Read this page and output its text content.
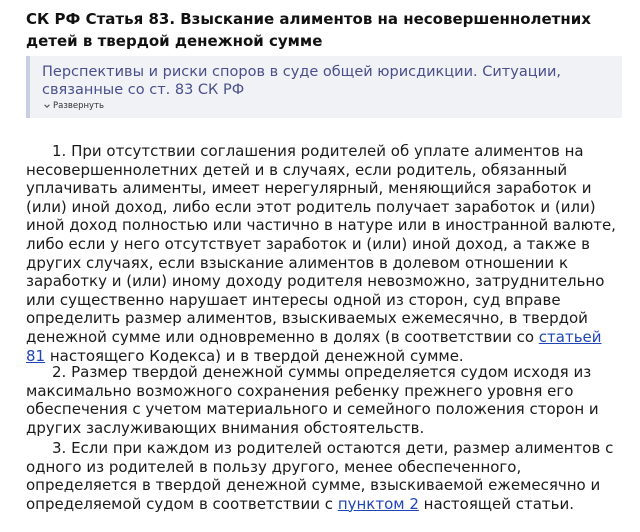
СК РФ Статья 83. Взыскание алиментов на несовершеннолетних детей в твердой денежной сумме
Перспективы и риски споров в суде общей юрисдикции. Ситуации, связанные со ст. 83 СК РФ
Развернуть

1. При отсутствии соглашения родителей об уплате алиментов на несовершеннолетних детей и в случаях, если родитель, обязанный уплачивать алименты, имеет нерегулярный, меняющийся заработок и (или) иной доход, либо если этот родитель получает заработок и (или) иной доход полностью или частично в натуре или в иностранной валюте, либо если у него отсутствует заработок и (или) иной доход, а также в других случаях, если взыскание алиментов в долевом отношении к заработку и (или) иному доходу родителя невозможно, затруднительно или существенно нарушает интересы одной из сторон, суд вправе определить размер алиментов, взыскиваемых ежемесячно, в твердой денежной сумме или одновременно в долях (в соответствии со статьей 81 настоящего Кодекса) и в твердой денежной сумме.

2. Размер твердой денежной суммы определяется судом исходя из максимально возможного сохранения ребенку прежнего уровня его обеспечения с учетом материального и семейного положения сторон и других заслуживающих внимания обстоятельств.

3. Если при каждом из родителей остаются дети, размер алиментов с одного из родителей в пользу другого, менее обеспеченного, определяется в твердой денежной сумме, взыскиваемой ежемесячно и определяемой судом в соответствии с пунктом 2 настоящей статьи.
